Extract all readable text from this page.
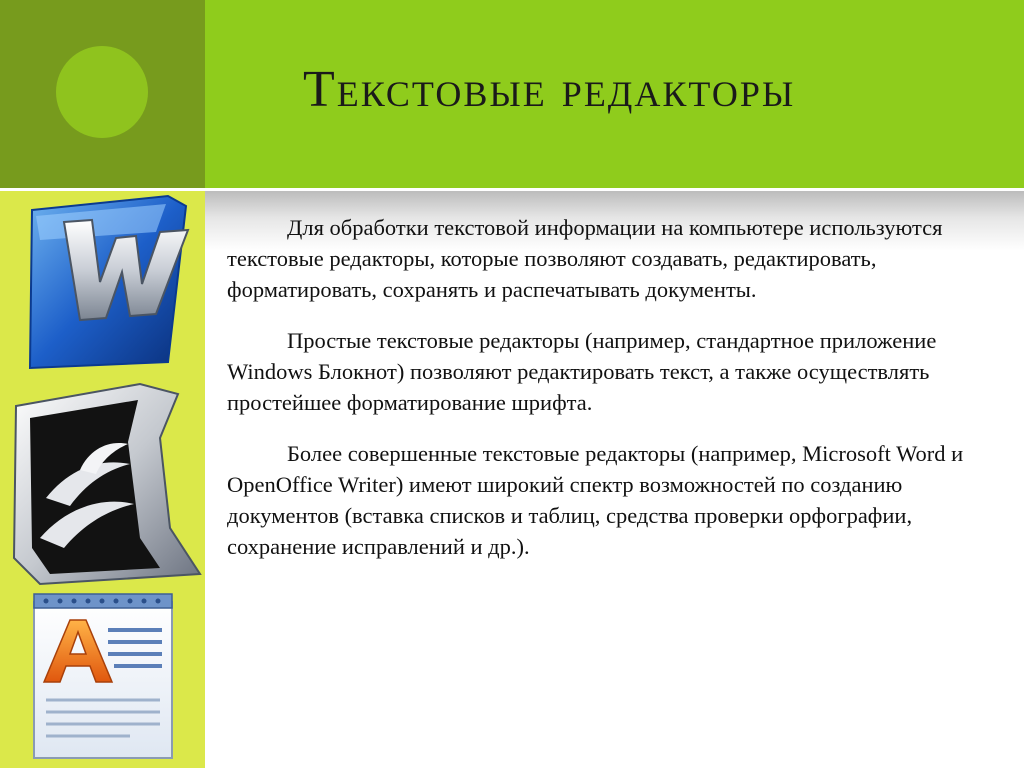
Текстовые редакторы

Для обработки текстовой информации на компьютере используются текстовые редакторы, которые позволяют создавать, редактировать, форматировать, сохранять и распечатывать документы.

Простые текстовые редакторы (например, стандартное приложение Windows Блокнот) позволяют редактировать текст, а также осуществлять простейшее форматирование шрифта.

Более совершенные текстовые редакторы (например, Microsoft Word и OpenOffice Writer) имеют широкий спектр возможностей по созданию документов (вставка списков и таблиц, средства проверки орфографии, сохранение исправлений и др.).
